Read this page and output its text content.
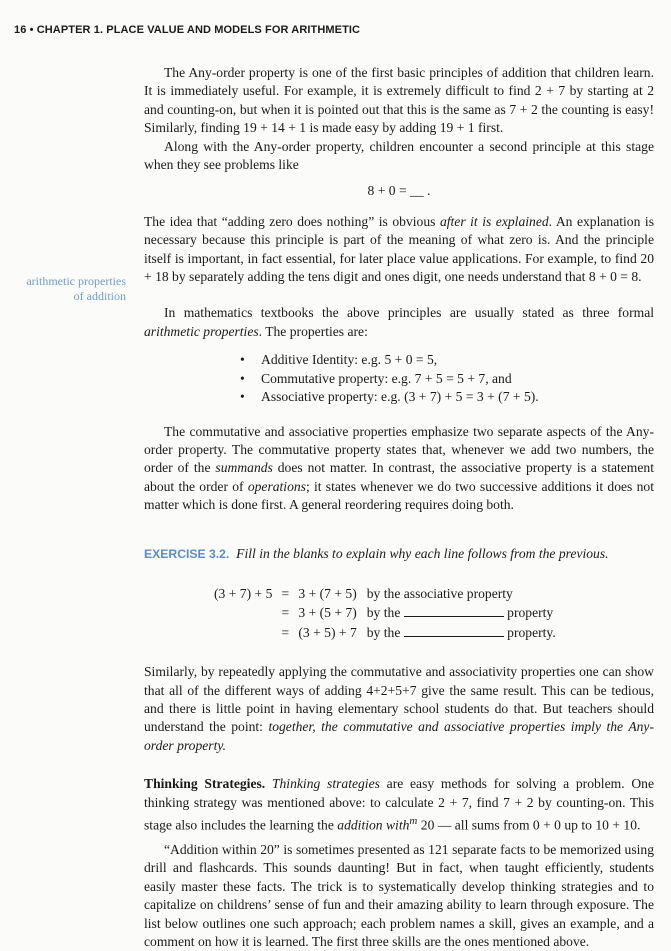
16 • CHAPTER 1. PLACE VALUE AND MODELS FOR ARITHMETIC
arithmetic properties
of addition

The Any-order property is one of the first basic principles of addition that children learn. It is immediately useful. For example, it is extremely difficult to find 2 + 7 by starting at 2 and counting-on, but when it is pointed out that this is the same as 7 + 2 the counting is easy! Similarly, finding 19 + 14 + 1 is made easy by adding 19 + 1 first.

Along with the Any-order property, children encounter a second principle at this stage when they see problems like

8 + 0 = __ .

The idea that “adding zero does nothing” is obvious after it is explained. An explanation is necessary because this principle is part of the meaning of what zero is. And the principle itself is important, in fact essential, for later place value applications. For example, to find 20 + 18 by separately adding the tens digit and ones digit, one needs understand that 8 + 0 = 8.

In mathematics textbooks the above principles are usually stated as three formal arithmetic properties. The properties are:

• Additive Identity: e.g. 5 + 0 = 5,
• Commutative property: e.g. 7 + 5 = 5 + 7, and
• Associative property: e.g. (3 + 7) + 5 = 3 + (7 + 5).

The commutative and associative properties emphasize two separate aspects of the Any-order property. The commutative property states that, whenever we add two numbers, the order of the summands does not matter. In contrast, the associative property is a statement about the order of operations; it states whenever we do two successive additions it does not matter which is done first. A general reordering requires doing both.

EXERCISE 3.2. Fill in the blanks to explain why each line follows from the previous.

(3 + 7) + 5	=	3 + (7 + 5)	by the associative property
	=	3 + (5 + 7)	by the property
	=	(3 + 5) + 7	by the property.

Similarly, by repeatedly applying the commutative and associativity properties one can show that all of the different ways of adding 4+2+5+7 give the same result. This can be tedious, and there is little point in having elementary school students do that. But teachers should understand the point: together, the commutative and associative properties imply the Any-order property.

Thinking Strategies. Thinking strategies are easy methods for solving a problem. One thinking strategy was mentioned above: to calculate 2 + 7, find 7 + 2 by counting-on. This stage also includes the learning the addition with$^m$ 20 — all sums from 0 + 0 up to 10 + 10.

“Addition within 20” is sometimes presented as 121 separate facts to be memorized using drill and flashcards. This sounds daunting! But in fact, when taught efficiently, students easily master these facts. The trick is to systematically develop thinking strategies and to capitalize on childrens’ sense of fun and their amazing ability to learn through exposure. The list below outlines one such approach; each problem names a skill, gives an example, and a comment on how it is learned. The first three skills are the ones mentioned above.
